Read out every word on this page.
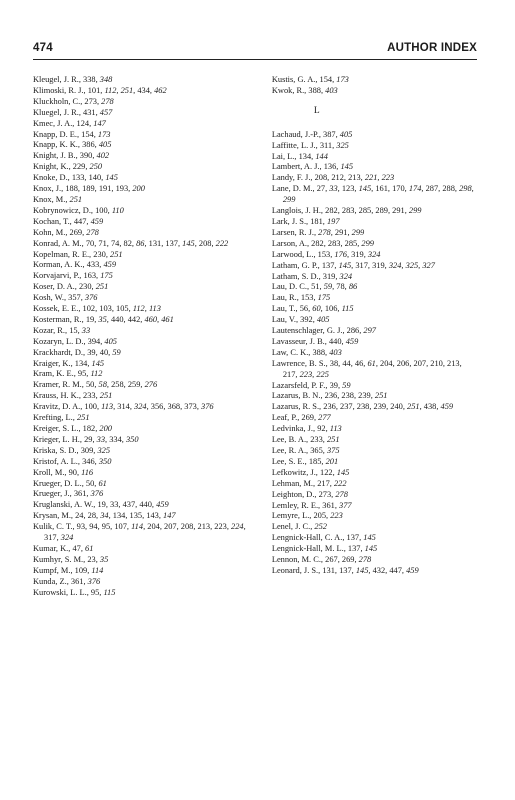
474	AUTHOR INDEX
Kleugel, J. R., 338, 348
Klimoski, R. J., 101, 112, 251, 434, 462
Kluckholn, C., 273, 278
Kluegel, J. R., 431, 457
Kmec, J. A., 124, 147
Knapp, D. E., 154, 173
Knapp, K. K., 386, 405
Knight, J. B., 390, 402
Knight, K., 229, 250
Knoke, D., 133, 140, 145
Knox, J., 188, 189, 191, 193, 200
Knox, M., 251
Kobrynowicz, D., 100, 110
Kochan, T., 447, 459
Kohn, M., 269, 278
Konrad, A. M., 70, 71, 74, 82, 86, 131, 137, 145, 208, 222
Kopelman, R. E., 230, 251
Korman, A. K., 433, 459
Korvajarvi, P., 163, 175
Koser, D. A., 230, 251
Kosh, W., 357, 376
Kossek, E. E., 102, 103, 105, 112, 113
Kosterman, R., 19, 35, 440, 442, 460, 461
Kozar, R., 15, 33
Kozaryn, L. D., 394, 405
Krackhardt, D., 39, 40, 59
Kraiger, K., 134, 145
Kram, K. E., 95, 112
Kramer, R. M., 50, 58, 258, 259, 276
Krauss, H. K., 233, 251
Kravitz, D. A., 100, 113, 314, 324, 356, 368, 373, 376
Krefting, L., 251
Kreiger, S. L., 182, 200
Krieger, L. H., 29, 33, 334, 350
Kriska, S. D., 309, 325
Kristof, A. L., 346, 350
Kroll, M., 90, 116
Krueger, D. L., 50, 61
Krueger, J., 361, 376
Kruglanski, A. W., 19, 33, 437, 440, 459
Krysan, M., 24, 28, 34, 134, 135, 143, 147
Kulik, C. T., 93, 94, 95, 107, 114, 204, 207, 208, 213, 223, 224, 317, 324
Kumar, K., 47, 61
Kumhyr, S. M., 23, 35
Kumpf, M., 109, 114
Kunda, Z., 361, 376
Kurowski, L. L., 95, 115
Kustis, G. A., 154, 173
Kwok, R., 388, 403
L
Lachaud, J.-P., 387, 405
Laffitte, L. J., 311, 325
Lai, L., 134, 144
Lambert, A. J., 136, 145
Landy, F. J., 208, 212, 213, 221, 223
Lane, D. M., 27, 33, 123, 145, 161, 170, 174, 287, 288, 298, 299
Langlois, J. H., 282, 283, 285, 289, 291, 299
Lark, J. S., 181, 197
Larsen, R. J., 278, 291, 299
Larson, A., 282, 283, 285, 299
Larwood, L., 153, 176, 319, 324
Latham, G. P., 137, 145, 317, 319, 324, 325, 327
Latham, S. D., 319, 324
Lau, D. C., 51, 59, 78, 86
Lau, R., 153, 175
Lau, T., 56, 60, 106, 115
Lau, V., 392, 405
Lautenschlager, G. J., 286, 297
Lavasseur, J. B., 440, 459
Law, C. K., 388, 403
Lawrence, B. S., 38, 44, 46, 61, 204, 206, 207, 210, 213, 217, 223, 225
Lazarsfeld, P. F., 39, 59
Lazarus, B. N., 236, 238, 239, 251
Lazarus, R. S., 236, 237, 238, 239, 240, 251, 438, 459
Leaf, P., 269, 277
Ledvinka, J., 92, 113
Lee, B. A., 233, 251
Lee, R. A., 365, 375
Lee, S. E., 185, 201
Lefkowitz, J., 122, 145
Lehman, M., 217, 222
Leighton, D., 273, 278
Lemley, R. E., 361, 377
Lemyre, L., 205, 223
Lenel, J. C., 252
Lengnick-Hall, C. A., 137, 145
Lengnick-Hall, M. L., 137, 145
Lennon, M. C., 267, 269, 278
Leonard, J. S., 131, 137, 145, 432, 447, 459
